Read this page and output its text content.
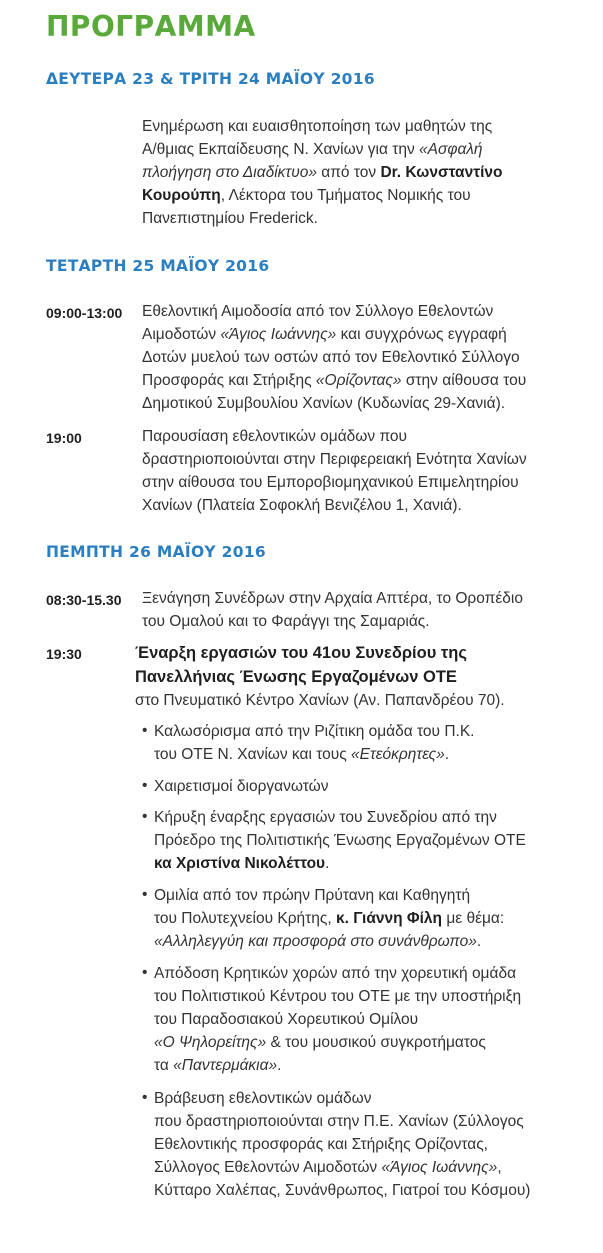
ΠΡΟΓΡΑΜΜΑ
ΔΕΥΤΕΡΑ 23 & ΤΡΙΤΗ 24 ΜΑΪΟΥ 2016
Ενημέρωση και ευαισθητοποίηση των μαθητών της
Α/θμιας Εκπαίδευσης Ν. Χανίων για την «Ασφαλή
πλοήγηση στο Διαδίκτυο» από τον Dr. Κωνσταντίνο
Κουρούπη, Λέκτορα του Τμήματος Νομικής του
Πανεπιστημίου Frederick.
ΤΕΤΑΡΤΗ 25 ΜΑΪΟΥ 2016
09:00-13:00 Εθελοντική Αιμοδοσία από τον Σύλλογο Εθελοντών
Αιμοδοτών «Άγιος Ιωάννης» και συγχρόνως εγγραφή
Δοτών μυελού των οστών από τον Εθελοντικό Σύλλογο
Προσφοράς και Στήριξης «Ορίζοντας» στην αίθουσα του
Δημοτικού Συμβουλίου Χανίων (Κυδωνίας 29-Χανιά).
19:00	Παρουσίαση εθελοντικών ομάδων που
δραστηριοποιούνται στην Περιφερειακή Ενότητα Χανίων
στην αίθουσα του Εμποροβιομηχανικού Επιμελητηρίου
Χανίων (Πλατεία Σοφοκλή Βενιζέλου 1, Χανιά).
ΠΕΜΠΤΗ 26 ΜΑΪΟΥ 2016
08:30-15.30 Ξενάγηση Συνέδρων στην Αρχαία Απτέρα, το Οροπέδιο
του Ομαλού και το Φαράγγι της Σαμαριάς.
19:30	Έναρξη εργασιών του 41ου Συνεδρίου της
Πανελλήνιας Ένωσης Εργαζομένων ΟΤΕ
στο Πνευματικό Κέντρο Χανίων (Αν. Παπανδρέου 70).
• Καλωσόρισμα από την Ριζίτικη ομάδα του Π.Κ.
του ΟΤΕ Ν. Χανίων και τους «Ετεόκρητες».
• Χαιρετισμοί διοργανωτών
• Κήρυξη έναρξης εργασιών του Συνεδρίου από την
Πρόεδρο της Πολιτιστικής Ένωσης Εργαζομένων ΟΤΕ
κα Χριστίνα Νικολέττου.
• Ομιλία από τον πρώην Πρύτανη και Καθηγητή
του Πολυτεχνείου Κρήτης, κ. Γιάννη Φίλη με θέμα:
«Αλληλεγγύη και προσφορά στο συνάνθρωπο».
• Απόδοση Κρητικών χορών από την χορευτική ομάδα
του Πολιτιστικού Κέντρου του ΟΤΕ με την υποστήριξη
του Παραδοσιακού Χορευτικού Ομίλου
«Ο Ψηλορείτης» & του μουσικού συγκροτήματος
τα «Παντερμάκια».
• Βράβευση εθελοντικών ομάδων
που δραστηριοποιούνται στην Π.Ε. Χανίων (Σύλλογος
Εθελοντικής προσφοράς και Στήριξης Ορίζοντας,
Σύλλογος Εθελοντών Αιμοδοτών «Άγιος Ιωάννης»,
Κύτταρο Χαλέπας, Συνάνθρωπος, Γιατροί του Κόσμου)
